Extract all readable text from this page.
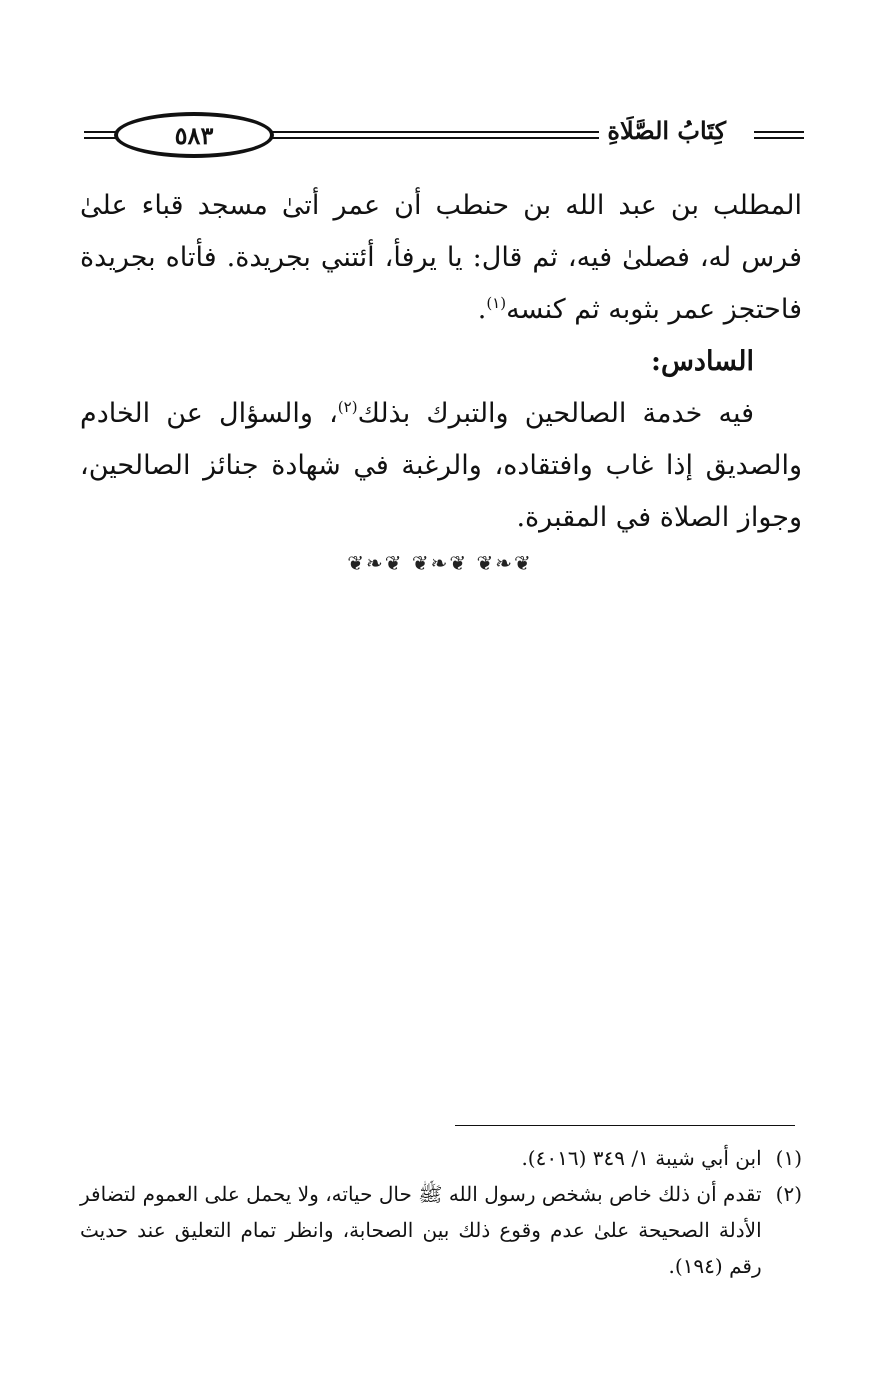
٥٨٣	كِتَابُ الصَّلَاةِ

المطلب بن عبد الله بن حنطب أن عمر أتىٰ مسجد قباء علىٰ فرس له، فصلىٰ فيه، ثم قال: يا يرفأ، أئتني بجريدة. فأتاه بجريدة فاحتجز عمر بثوبه ثم كنسه$^{(١)}$.

السادس:

فيه خدمة الصالحين والتبرك بذلك$^{(٢)}$، والسؤال عن الخادم والصديق إذا غاب وافتقاده، والرغبة في شهادة جنائز الصالحين، وجواز الصلاة في المقبرة.

❦❧❦ ❦❧❦ ❦❧❦
(١)
ابن أبي شيبة ١/ ٣٤٩ (٤٠١٦).
(٢)
تقدم أن ذلك خاص بشخص رسول الله ﷺ حال حياته، ولا يحمل على العموم لتضافر الأدلة الصحيحة علىٰ عدم وقوع ذلك بين الصحابة، وانظر تمام التعليق عند حديث رقم (١٩٤).
